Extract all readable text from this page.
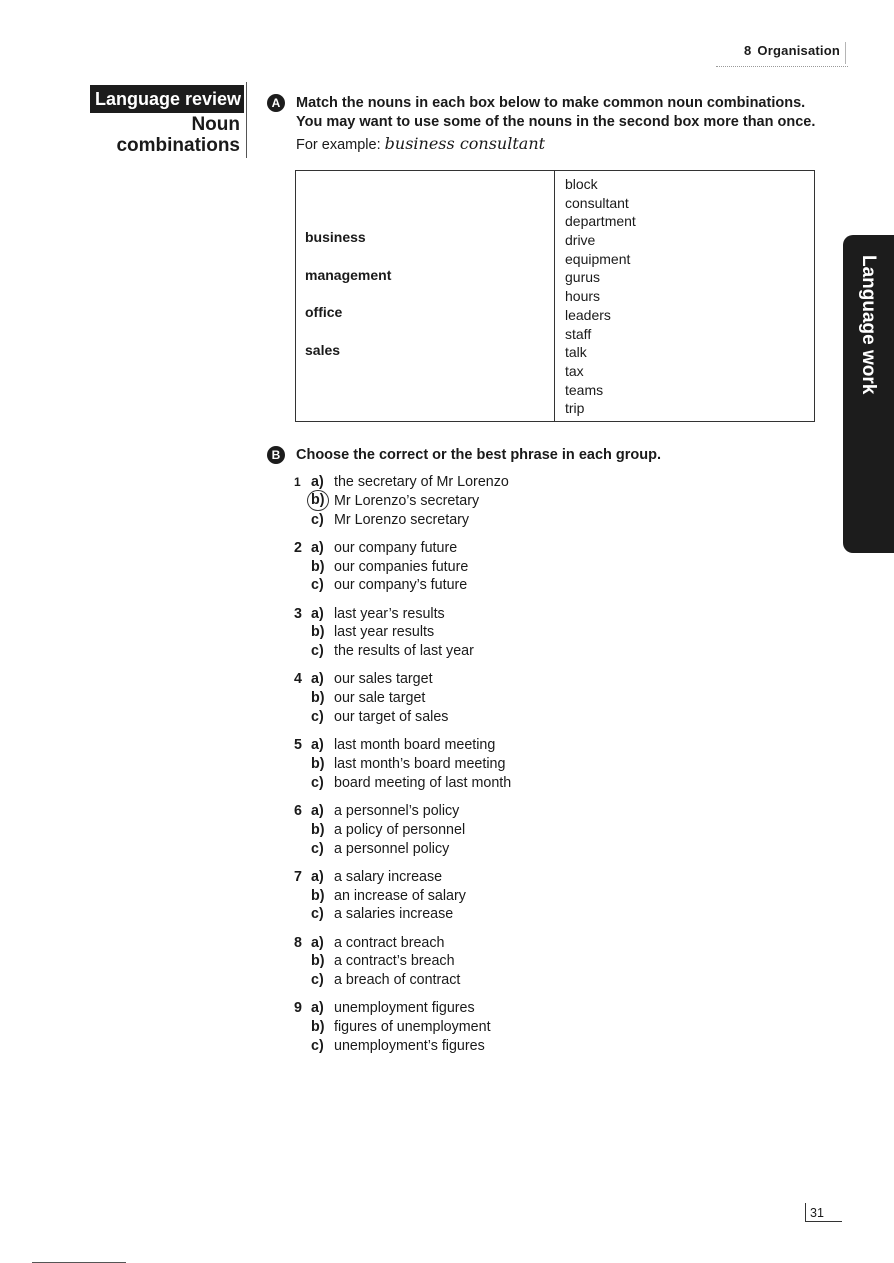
8 Organisation
Language review
Noun
combinations
A	Match the nouns in each box below to make common noun combinations. You may want to use some of the nouns in the second box more than once.
For example: business consultant
business
management
office
sales
block
consultant
department
drive
equipment
gurus
hours
leaders
staff
talk
tax
teams
trip
B	Choose the correct or the best phrase in each group.
1 a) the secretary of Mr Lorenzo
b) Mr Lorenzo’s secretary
c) Mr Lorenzo secretary
2 a) our company future
b) our companies future
c) our company’s future
3 a) last year’s results
b) last year results
c) the results of last year
4 a) our sales target
b) our sale target
c) our target of sales
5 a) last month board meeting
b) last month’s board meeting
c) board meeting of last month
6 a) a personnel’s policy
b) a policy of personnel
c) a personnel policy
7 a) a salary increase
b) an increase of salary
c) a salaries increase
8 a) a contract breach
b) a contract’s breach
c) a breach of contract
9 a) unemployment figures
b) figures of unemployment
c) unemployment’s figures
Language work
31
